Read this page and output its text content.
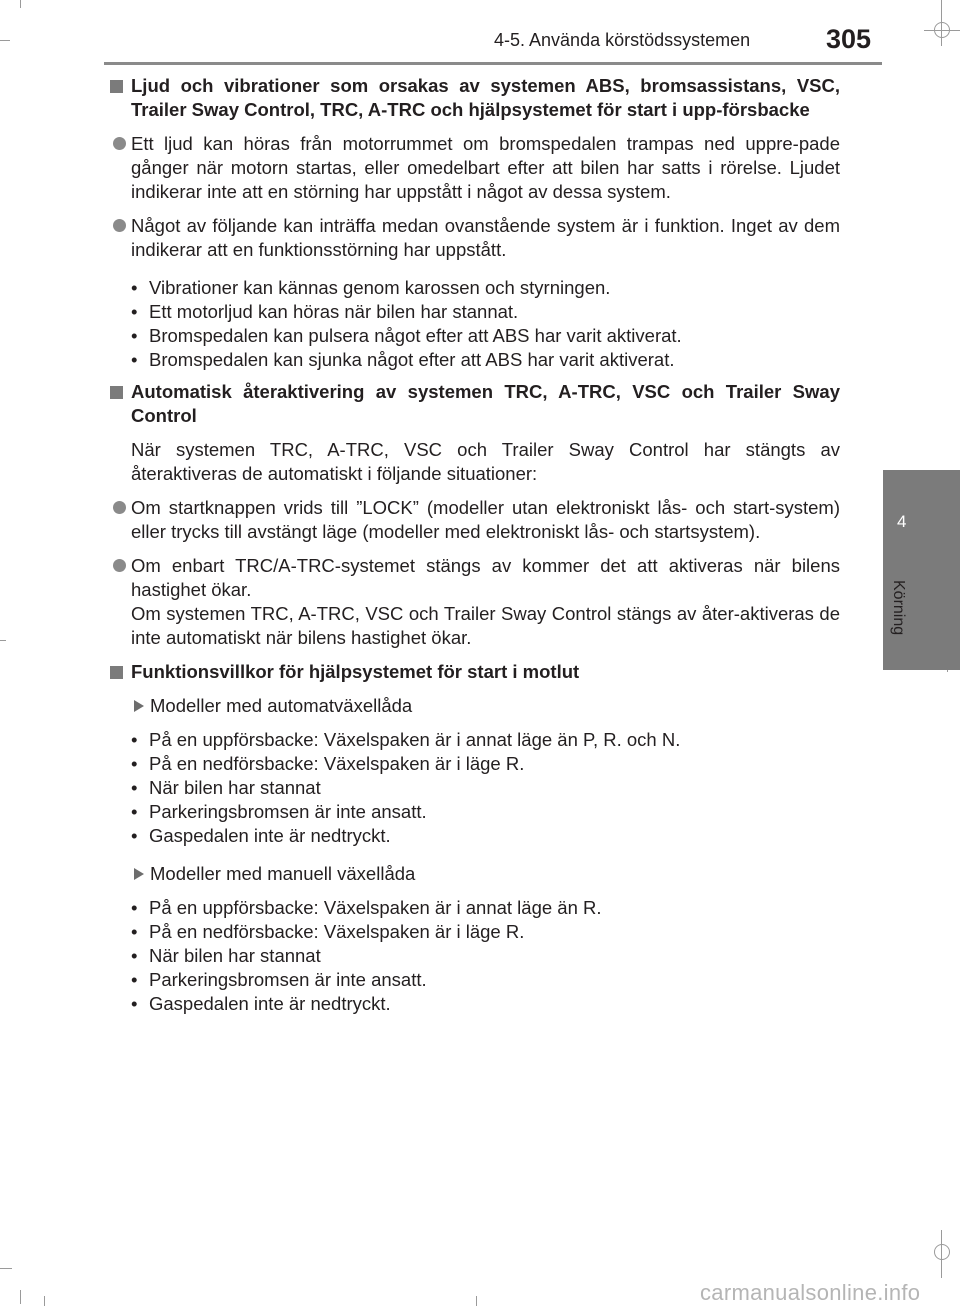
4-5. Använda körstödssystemen	305
4
Körning
Ljud och vibrationer som orsakas av systemen ABS, bromsassistans, VSC, Trailer Sway Control, TRC, A-TRC och hjälpsystemet för start i upp-försbacke
Ett ljud kan höras från motorrummet om bromspedalen trampas ned uppre-pade gånger när motorn startas, eller omedelbart efter att bilen har satts i rörelse. Ljudet indikerar inte att en störning har uppstått i något av dessa system.
Något av följande kan inträffa medan ovanstående system är i funktion. Inget av dem indikerar att en funktionsstörning har uppstått.
• Vibrationer kan kännas genom karossen och styrningen.
• Ett motorljud kan höras när bilen har stannat.
• Bromspedalen kan pulsera något efter att ABS har varit aktiverat.
• Bromspedalen kan sjunka något efter att ABS har varit aktiverat.
Automatisk återaktivering av systemen TRC, A-TRC, VSC och Trailer Sway Control
När systemen TRC, A-TRC, VSC och Trailer Sway Control har stängts av återaktiveras de automatiskt i följande situationer:
Om startknappen vrids till ”LOCK” (modeller utan elektroniskt lås- och start-system) eller trycks till avstängt läge (modeller med elektroniskt lås- och startsystem).
Om enbart TRC/A-TRC-systemet stängs av kommer det att aktiveras när bilens hastighet ökar.
Om systemen TRC, A-TRC, VSC och Trailer Sway Control stängs av åter-aktiveras de inte automatiskt när bilens hastighet ökar.
Funktionsvillkor för hjälpsystemet för start i motlut
Modeller med automatväxellåda
• På en uppförsbacke: Växelspaken är i annat läge än P, R. och N.
• På en nedförsbacke: Växelspaken är i läge R.
• När bilen har stannat
• Parkeringsbromsen är inte ansatt.
• Gaspedalen inte är nedtryckt.
Modeller med manuell växellåda
• På en uppförsbacke: Växelspaken är i annat läge än R.
• På en nedförsbacke: Växelspaken är i läge R.
• När bilen har stannat
• Parkeringsbromsen är inte ansatt.
• Gaspedalen inte är nedtryckt.
carmanualsonline.info
